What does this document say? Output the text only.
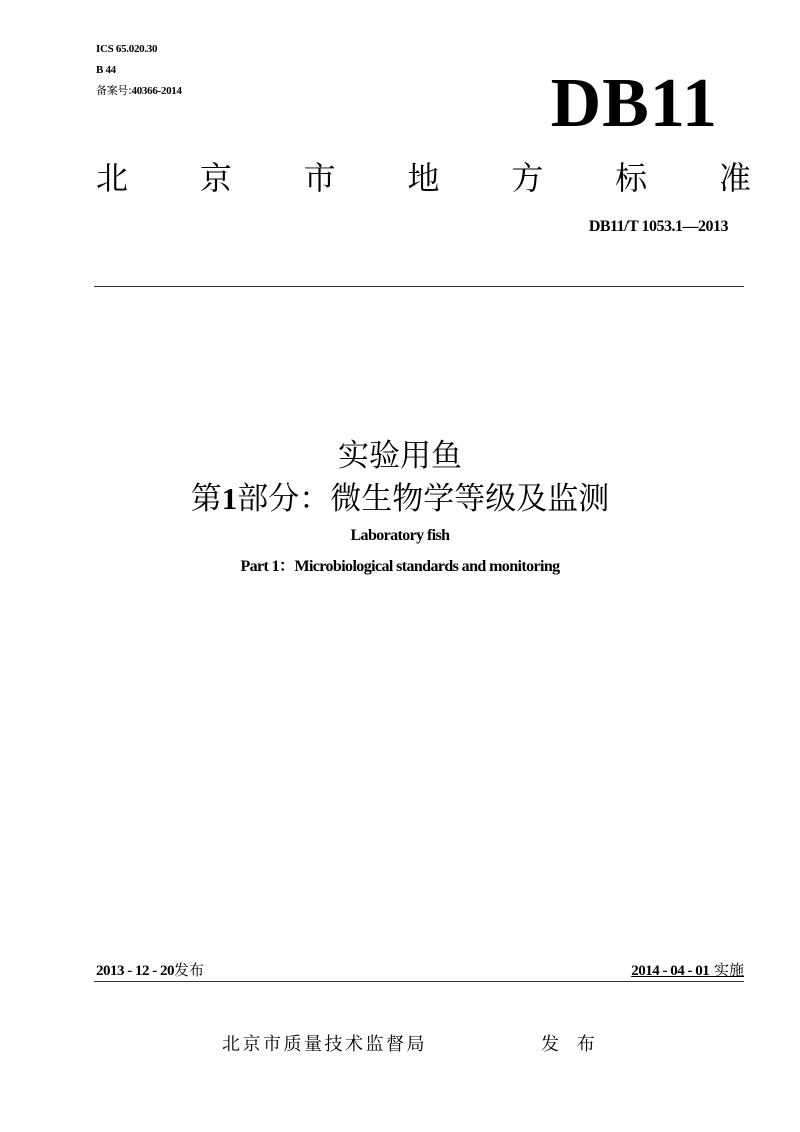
ICS 65.020.30
B 44
备案号:40366-2014	DB11
北 京 市 地 方 标 准
DB11/T 1053.1—2013
实验用鱼
第1部分：微生物学等级及监测
Laboratory fish
Part 1：Microbiological standards and monitoring
2013 - 12 - 20发布	2014 - 04 - 01 实施
北京市质量技术监督局	发 布
